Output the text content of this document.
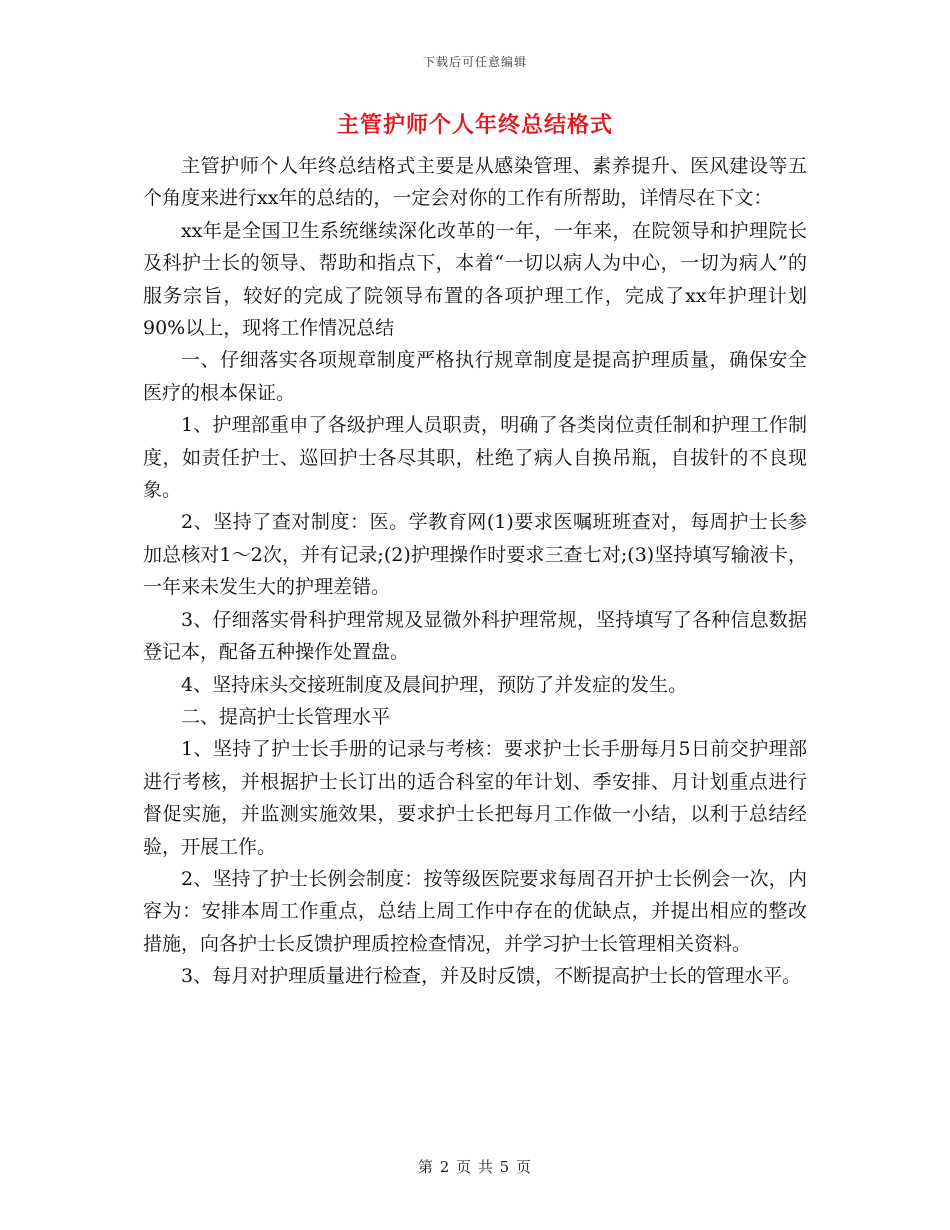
下载后可任意编辑
主管护师个人年终总结格式

主管护师个人年终总结格式主要是从感染管理、素养提升、医风建设等五个角度来进行xx年的总结的，一定会对你的工作有所帮助，详情尽在下文：

xx年是全国卫生系统继续深化改革的一年，一年来，在院领导和护理院长及科护士长的领导、帮助和指点下，本着“一切以病人为中心，一切为病人”的服务宗旨，较好的完成了院领导布置的各项护理工作，完成了xx年护理计划90%以上，现将工作情况总结

一、仔细落实各项规章制度严格执行规章制度是提高护理质量，确保安全医疗的根本保证。

1、护理部重申了各级护理人员职责，明确了各类岗位责任制和护理工作制度，如责任护士、巡回护士各尽其职，杜绝了病人自换吊瓶，自拔针的不良现象。

2、坚持了查对制度：医。学教育网(1)要求医嘱班班查对，每周护士长参加总核对1～2次，并有记录;(2)护理操作时要求三查七对;(3)坚持填写输液卡，一年来未发生大的护理差错。

3、仔细落实骨科护理常规及显微外科护理常规，坚持填写了各种信息数据登记本，配备五种操作处置盘。

4、坚持床头交接班制度及晨间护理，预防了并发症的发生。

二、提高护士长管理水平

1、坚持了护士长手册的记录与考核：要求护士长手册每月5日前交护理部进行考核，并根据护士长订出的适合科室的年计划、季安排、月计划重点进行督促实施，并监测实施效果，要求护士长把每月工作做一小结，以利于总结经验，开展工作。

2、坚持了护士长例会制度：按等级医院要求每周召开护士长例会一次，内容为：安排本周工作重点，总结上周工作中存在的优缺点，并提出相应的整改措施，向各护士长反馈护理质控检查情况，并学习护士长管理相关资料。

3、每月对护理质量进行检查，并及时反馈，不断提高护士长的管理水平。

第 2 页 共 5 页
